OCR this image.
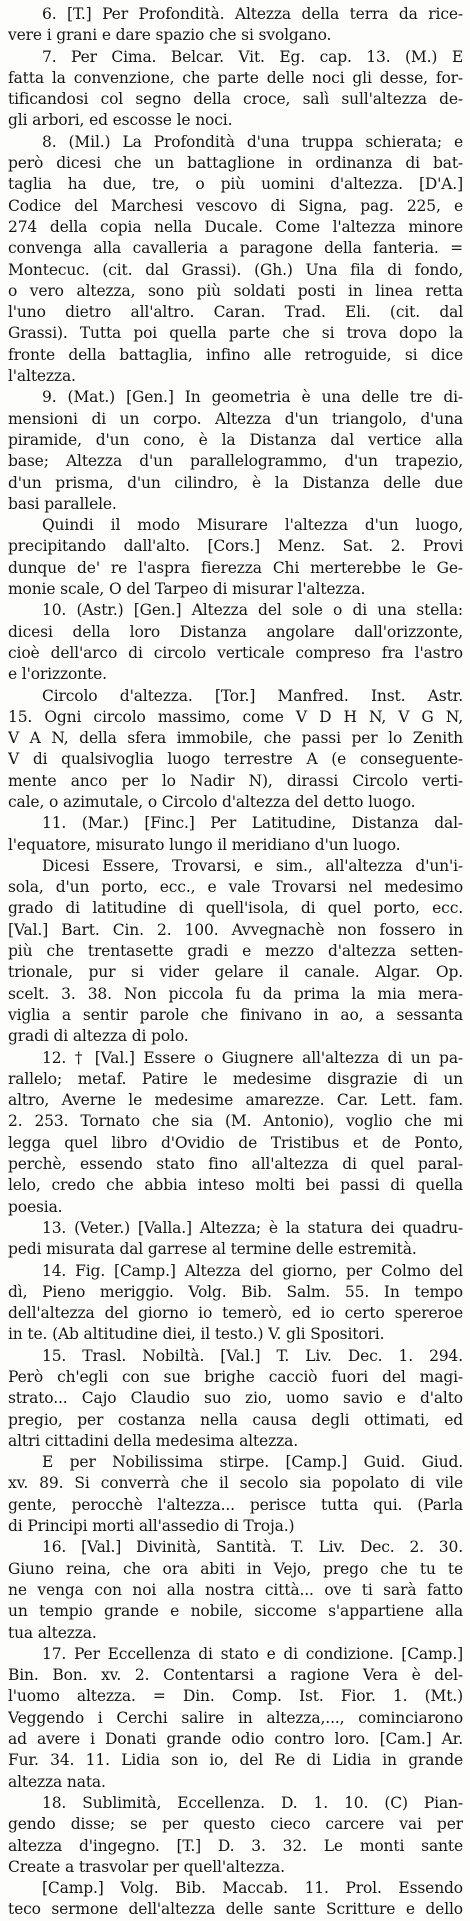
6. [T.] Per Profondità. Altezza della terra da rice-
vere i grani e dare spazio che si svolgano.
7. Per Cima. Belcar. Vit. Eg. cap. 13. (M.) E
fatta la convenzione, che parte delle noci gli desse, for-
tificandosi col segno della croce, salì sull'altezza de-
gli arbori, ed escosse le noci.
8. (Mil.) La Profondità d'una truppa schierata; e
però dicesi che un battaglione in ordinanza di bat-
taglia ha due, tre, o più uomini d'altezza. [D'A.]
Codice del Marchesi vescovo di Signa, pag. 225, e
274 della copia nella Ducale. Come l'altezza minore
convenga alla cavalleria a paragone della fanteria. =
Montecuc. (cit. dal Grassi). (Gh.) Una fila di fondo,
o vero altezza, sono più soldati posti in linea retta
l'uno dietro all'altro. Caran. Trad. Eli. (cit. dal
Grassi). Tutta poi quella parte che si trova dopo la
fronte della battaglia, infino alle retroguide, si dice
l'altezza.
9. (Mat.) [Gen.] In geometria è una delle tre di-
mensioni di un corpo. Altezza d'un triangolo, d'una
piramide, d'un cono, è la Distanza dal vertice alla
base; Altezza d'un parallelogrammo, d'un trapezio,
d'un prisma, d'un cilindro, è la Distanza delle due
basi parallele.
Quindi il modo Misurare l'altezza d'un luogo,
precipitando dall'alto. [Cors.] Menz. Sat. 2. Provi
dunque de' re l'aspra fierezza Chi merterebbe le Ge-
monie scale, O del Tarpeo di misurar l'altezza.
10. (Astr.) [Gen.] Altezza del sole o di una stella:
dicesi della loro Distanza angolare dall'orizzonte,
cioè dell'arco di circolo verticale compreso fra l'astro
e l'orizzonte.
Circolo d'altezza. [Tor.] Manfred. Inst. Astr.
15. Ogni circolo massimo, come V D H N, V G N,
V A N, della sfera immobile, che passi per lo Zenith
V di qualsivoglia luogo terrestre A (e conseguente-
mente anco per lo Nadir N), dirassi Circolo verti-
cale, o azimutale, o Circolo d'altezza del detto luogo.
11. (Mar.) [Finc.] Per Latitudine, Distanza dal-
l'equatore, misurato lungo il meridiano d'un luogo.
Dicesi Essere, Trovarsi, e sim., all'altezza d'un'i-
sola, d'un porto, ecc., e vale Trovarsi nel medesimo
grado di latitudine di quell'isola, di quel porto, ecc.
[Val.] Bart. Cin. 2. 100. Avvegnachè non fossero in
più che trentasette gradi e mezzo d'altezza setten-
trionale, pur si vider gelare il canale. Algar. Op.
scelt. 3. 38. Non piccola fu da prima la mia mera-
viglia a sentir parole che finivano in ao, a sessanta
gradi di altezza di polo.
12. † [Val.] Essere o Giugnere all'altezza di un pa-
rallelo; metaf. Patire le medesime disgrazie di un
altro, Averne le medesime amarezze. Car. Lett. fam.
2. 253. Tornato che sia (M. Antonio), voglio che mi
legga quel libro d'Ovidio de Tristibus et de Ponto,
perchè, essendo stato fino all'altezza di quel paral-
lelo, credo che abbia inteso molti bei passi di quella
poesia.
13. (Veter.) [Valla.] Altezza; è la statura dei quadru-
pedi misurata dal garrese al termine delle estremità.
14. Fig. [Camp.] Altezza del giorno, per Colmo del
dì, Pieno meriggio. Volg. Bib. Salm. 55. In tempo
dell'altezza del giorno io temerò, ed io certo spereroe
in te. (Ab altitudine diei, il testo.) V. gli Spositori.
15. Trasl. Nobiltà. [Val.] T. Liv. Dec. 1. 294.
Però ch'egli con sue brighe cacciò fuori del magi-
strato... Cajo Claudio suo zio, uomo savio e d'alto
pregio, per costanza nella causa degli ottimati, ed
altri cittadini della medesima altezza.
E per Nobilissima stirpe. [Camp.] Guid. Giud.
xv. 89. Si converrà che il secolo sia popolato di vile
gente, perocchè l'altezza... perisce tutta qui. (Parla
di Principi morti all'assedio di Troja.)
16. [Val.] Divinità, Santità. T. Liv. Dec. 2. 30.
Giuno reina, che ora abiti in Vejo, prego che tu te
ne venga con noi alla nostra città... ove ti sarà fatto
un tempio grande e nobile, siccome s'appartiene alla
tua altezza.
17. Per Eccellenza di stato e di condizione. [Camp.]
Bin. Bon. xv. 2. Contentarsi a ragione Vera è del-
l'uomo altezza. = Din. Comp. Ist. Fior. 1. (Mt.)
Veggendo i Cerchi salire in altezza,..., cominciarono
ad avere i Donati grande odio contro loro. [Cam.] Ar.
Fur. 34. 11. Lidia son io, del Re di Lidia in grande
altezza nata.
18. Sublimità, Eccellenza. D. 1. 10. (C) Pian-
gendo disse; se per questo cieco carcere vai per
altezza d'ingegno. [T.] D. 3. 32. Le monti sante
Create a trasvolar per quell'altezza.
[Camp.] Volg. Bib. Maccab. 11. Prol. Essendo
teco sermone dell'altezza delle sante Scritture e dello
